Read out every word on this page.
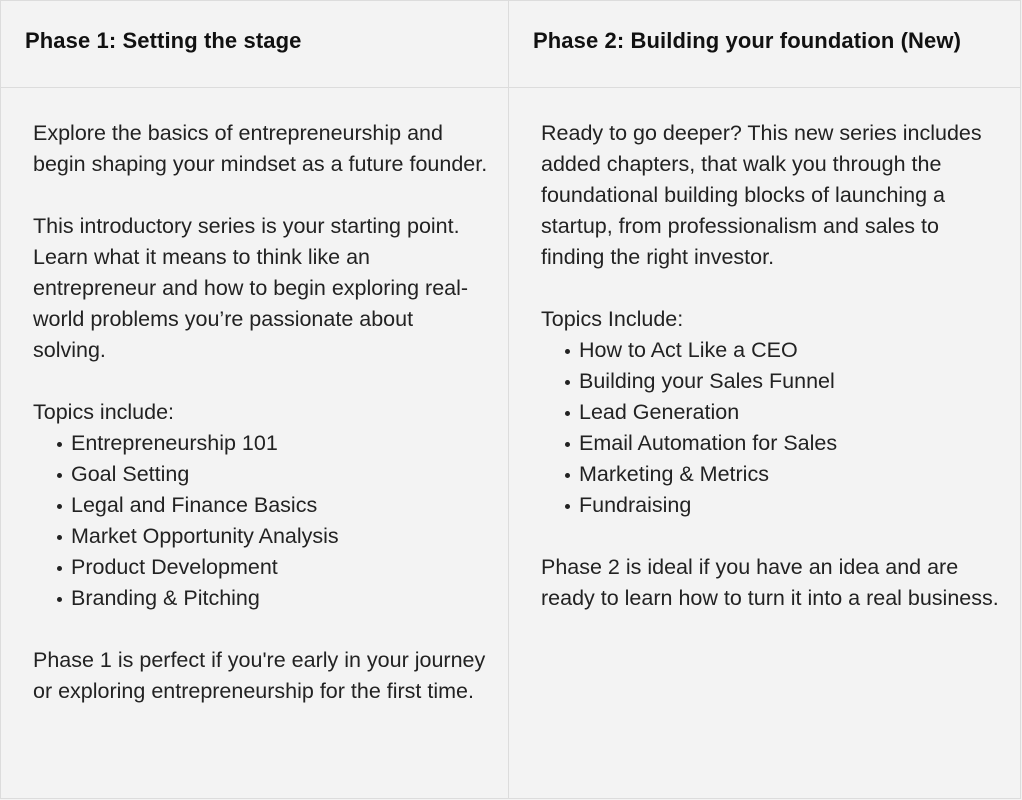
Phase 1: Setting the stage	Phase 2: Building your foundation (New)

Explore the basics of entrepreneurship and begin shaping your mindset as a future founder.

This introductory series is your starting point. Learn what it means to think like an entrepreneur and how to begin exploring real-world problems you’re passionate about solving.

Topics include:

Entrepreneurship 101
Goal Setting
Legal and Finance Basics
Market Opportunity Analysis
Product Development
Branding & Pitching

Phase 1 is perfect if you're early in your journey or exploring entrepreneurship for the first time.

Ready to go deeper? This new series includes added chapters, that walk you through the foundational building blocks of launching a startup, from professionalism and sales to finding the right investor.

Topics Include:

How to Act Like a CEO
Building your Sales Funnel
Lead Generation
Email Automation for Sales
Marketing & Metrics
Fundraising

Phase 2 is ideal if you have an idea and are ready to learn how to turn it into a real business.
